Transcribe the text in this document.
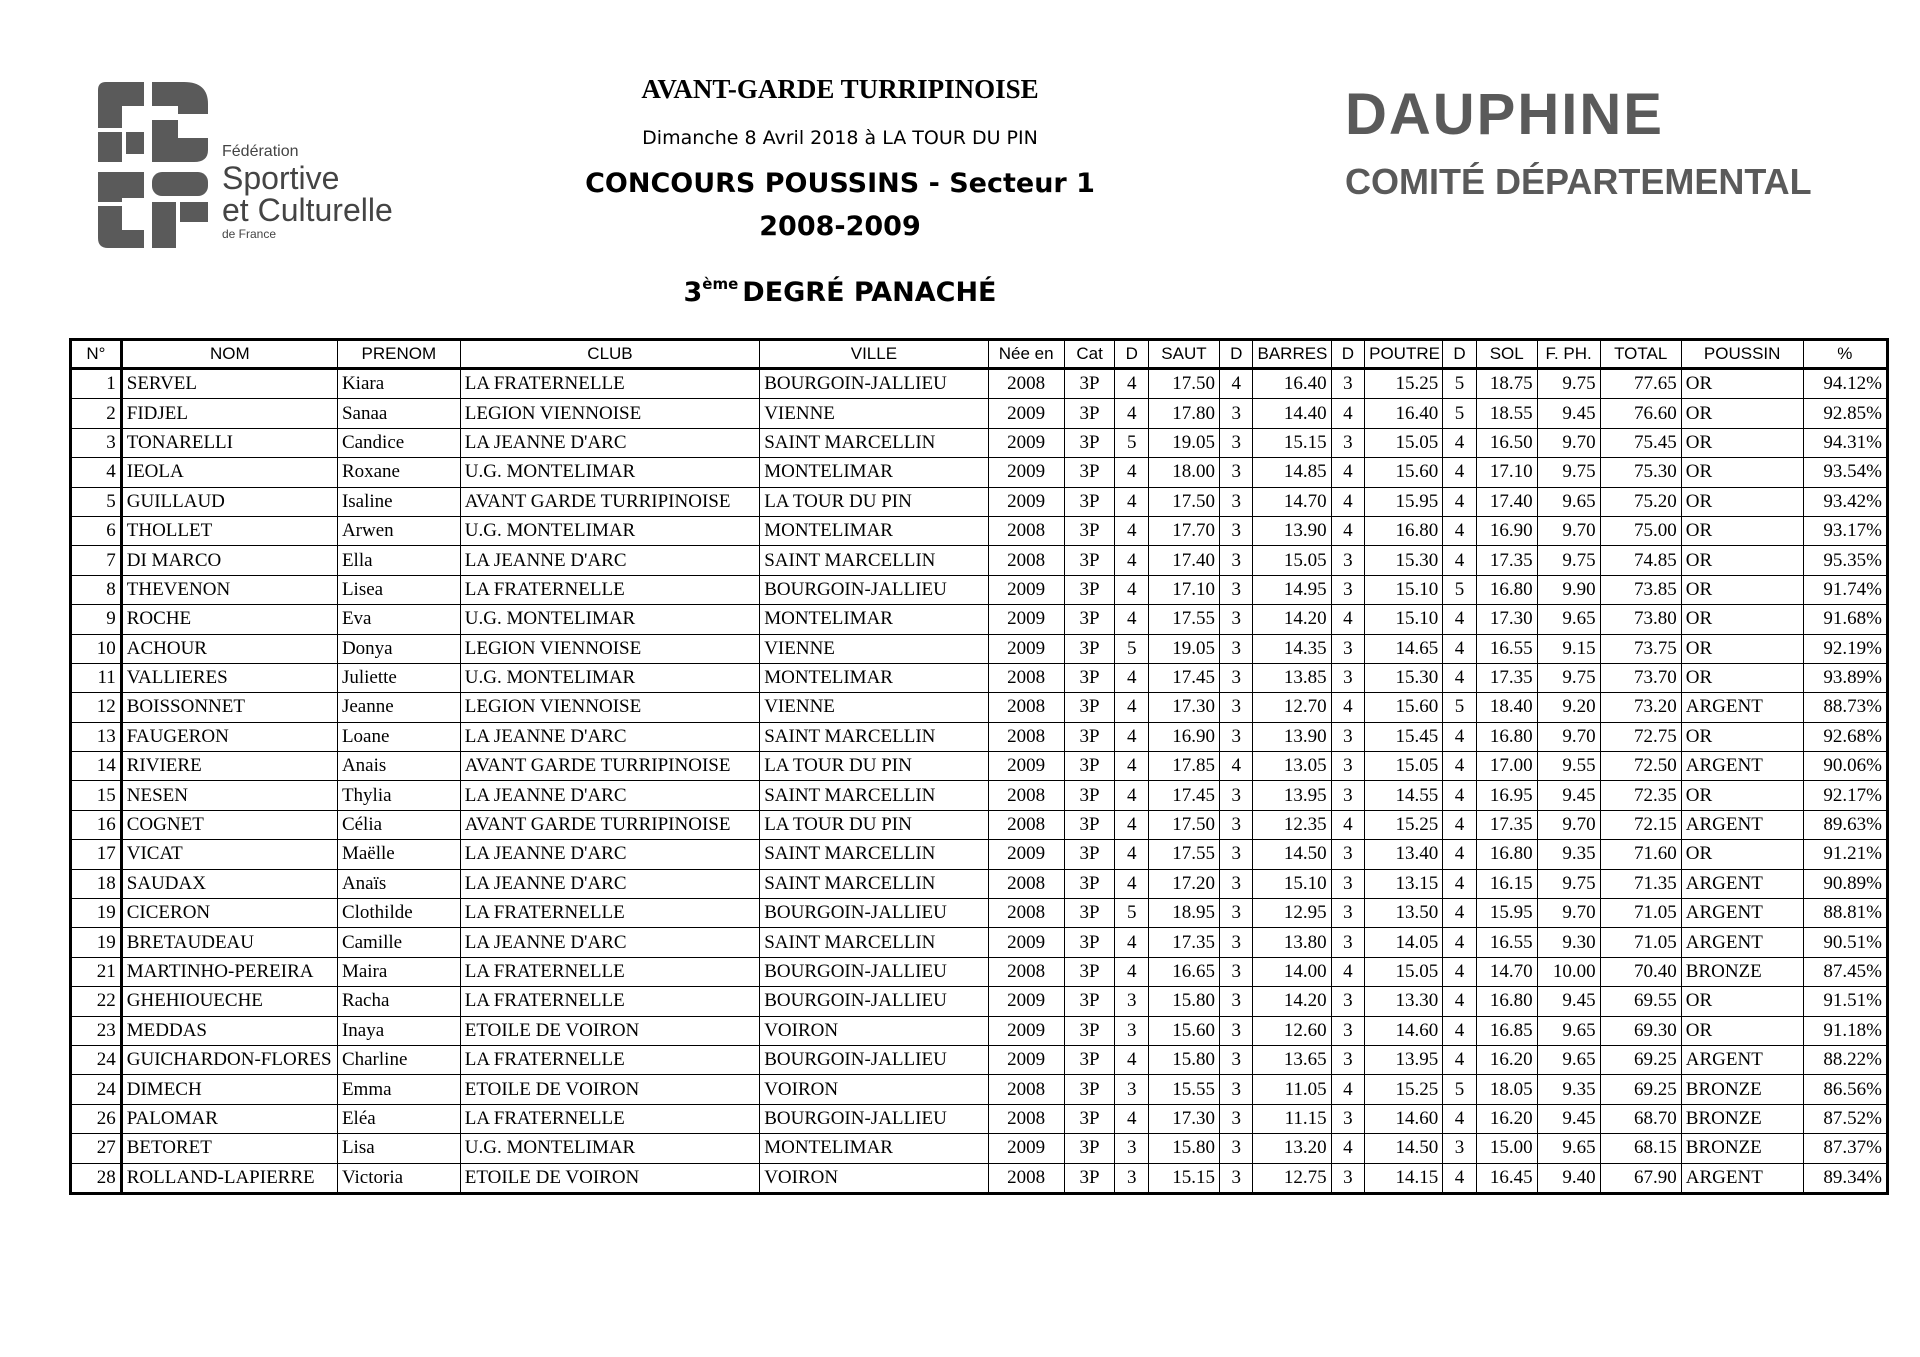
Fédération
Sportive
et Culturelle
de France
AVANT-GARDE TURRIPINOISE
Dimanche 8 Avril 2018 à LA TOUR DU PIN
CONCOURS POUSSINS - Secteur 1
2008-2009
3ème DEGRÉ PANACHÉ
DAUPHINE
COMITÉ DÉPARTEMENTAL
N°	NOM	PRENOM	CLUB	VILLE	Née en	Cat	D	SAUT	D	BARRES	D	POUTRE	D	SOL	F. PH.	TOTAL	POUSSIN	%
1	SERVEL	Kiara	LA FRATERNELLE	BOURGOIN-JALLIEU	2008	3P	4	17.50	4	16.40	3	15.25	5	18.75	9.75	77.65	OR	94.12%
2	FIDJEL	Sanaa	LEGION VIENNOISE	VIENNE	2009	3P	4	17.80	3	14.40	4	16.40	5	18.55	9.45	76.60	OR	92.85%
3	TONARELLI	Candice	LA JEANNE D'ARC	SAINT MARCELLIN	2009	3P	5	19.05	3	15.15	3	15.05	4	16.50	9.70	75.45	OR	94.31%
4	IEOLA	Roxane	U.G. MONTELIMAR	MONTELIMAR	2009	3P	4	18.00	3	14.85	4	15.60	4	17.10	9.75	75.30	OR	93.54%
5	GUILLAUD	Isaline	AVANT GARDE TURRIPINOISE	LA TOUR DU PIN	2009	3P	4	17.50	3	14.70	4	15.95	4	17.40	9.65	75.20	OR	93.42%
6	THOLLET	Arwen	U.G. MONTELIMAR	MONTELIMAR	2008	3P	4	17.70	3	13.90	4	16.80	4	16.90	9.70	75.00	OR	93.17%
7	DI MARCO	Ella	LA JEANNE D'ARC	SAINT MARCELLIN	2008	3P	4	17.40	3	15.05	3	15.30	4	17.35	9.75	74.85	OR	95.35%
8	THEVENON	Lisea	LA FRATERNELLE	BOURGOIN-JALLIEU	2009	3P	4	17.10	3	14.95	3	15.10	5	16.80	9.90	73.85	OR	91.74%
9	ROCHE	Eva	U.G. MONTELIMAR	MONTELIMAR	2009	3P	4	17.55	3	14.20	4	15.10	4	17.30	9.65	73.80	OR	91.68%
10	ACHOUR	Donya	LEGION VIENNOISE	VIENNE	2009	3P	5	19.05	3	14.35	3	14.65	4	16.55	9.15	73.75	OR	92.19%
11	VALLIERES	Juliette	U.G. MONTELIMAR	MONTELIMAR	2008	3P	4	17.45	3	13.85	3	15.30	4	17.35	9.75	73.70	OR	93.89%
12	BOISSONNET	Jeanne	LEGION VIENNOISE	VIENNE	2008	3P	4	17.30	3	12.70	4	15.60	5	18.40	9.20	73.20	ARGENT	88.73%
13	FAUGERON	Loane	LA JEANNE D'ARC	SAINT MARCELLIN	2008	3P	4	16.90	3	13.90	3	15.45	4	16.80	9.70	72.75	OR	92.68%
14	RIVIERE	Anais	AVANT GARDE TURRIPINOISE	LA TOUR DU PIN	2009	3P	4	17.85	4	13.05	3	15.05	4	17.00	9.55	72.50	ARGENT	90.06%
15	NESEN	Thylia	LA JEANNE D'ARC	SAINT MARCELLIN	2008	3P	4	17.45	3	13.95	3	14.55	4	16.95	9.45	72.35	OR	92.17%
16	COGNET	Célia	AVANT GARDE TURRIPINOISE	LA TOUR DU PIN	2008	3P	4	17.50	3	12.35	4	15.25	4	17.35	9.70	72.15	ARGENT	89.63%
17	VICAT	Maëlle	LA JEANNE D'ARC	SAINT MARCELLIN	2009	3P	4	17.55	3	14.50	3	13.40	4	16.80	9.35	71.60	OR	91.21%
18	SAUDAX	Anaïs	LA JEANNE D'ARC	SAINT MARCELLIN	2008	3P	4	17.20	3	15.10	3	13.15	4	16.15	9.75	71.35	ARGENT	90.89%
19	CICERON	Clothilde	LA FRATERNELLE	BOURGOIN-JALLIEU	2008	3P	5	18.95	3	12.95	3	13.50	4	15.95	9.70	71.05	ARGENT	88.81%
19	BRETAUDEAU	Camille	LA JEANNE D'ARC	SAINT MARCELLIN	2009	3P	4	17.35	3	13.80	3	14.05	4	16.55	9.30	71.05	ARGENT	90.51%
21	MARTINHO-PEREIRA	Maira	LA FRATERNELLE	BOURGOIN-JALLIEU	2008	3P	4	16.65	3	14.00	4	15.05	4	14.70	10.00	70.40	BRONZE	87.45%
22	GHEHIOUECHE	Racha	LA FRATERNELLE	BOURGOIN-JALLIEU	2009	3P	3	15.80	3	14.20	3	13.30	4	16.80	9.45	69.55	OR	91.51%
23	MEDDAS	Inaya	ETOILE DE VOIRON	VOIRON	2009	3P	3	15.60	3	12.60	3	14.60	4	16.85	9.65	69.30	OR	91.18%
24	GUICHARDON-FLORES	Charline	LA FRATERNELLE	BOURGOIN-JALLIEU	2009	3P	4	15.80	3	13.65	3	13.95	4	16.20	9.65	69.25	ARGENT	88.22%
24	DIMECH	Emma	ETOILE DE VOIRON	VOIRON	2008	3P	3	15.55	3	11.05	4	15.25	5	18.05	9.35	69.25	BRONZE	86.56%
26	PALOMAR	Eléa	LA FRATERNELLE	BOURGOIN-JALLIEU	2008	3P	4	17.30	3	11.15	3	14.60	4	16.20	9.45	68.70	BRONZE	87.52%
27	BETORET	Lisa	U.G. MONTELIMAR	MONTELIMAR	2009	3P	3	15.80	3	13.20	4	14.50	3	15.00	9.65	68.15	BRONZE	87.37%
28	ROLLAND-LAPIERRE	Victoria	ETOILE DE VOIRON	VOIRON	2008	3P	3	15.15	3	12.75	3	14.15	4	16.45	9.40	67.90	ARGENT	89.34%
